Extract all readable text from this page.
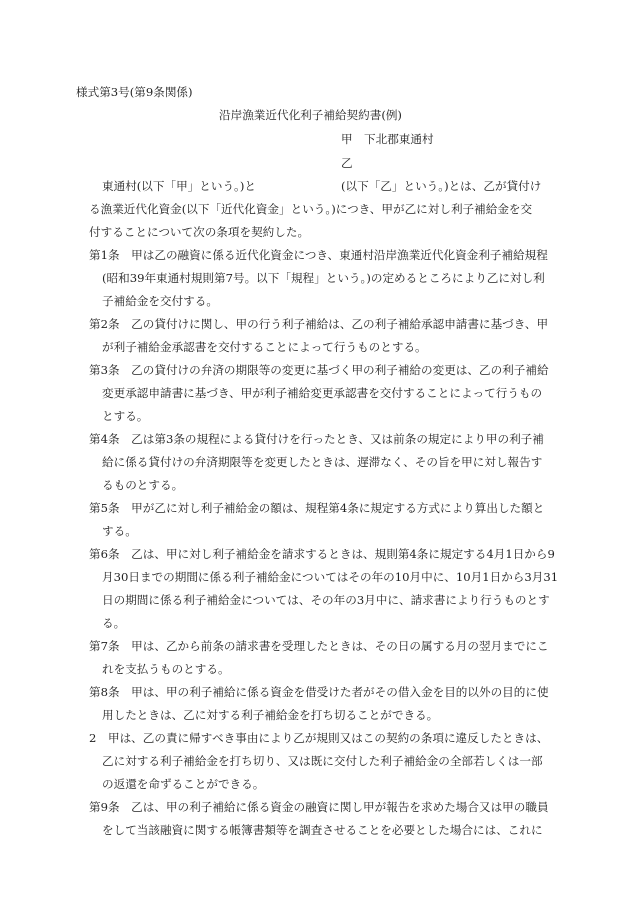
様式第3号(第9条関係)
沿岸漁業近代化利子補給契約書(例)
甲 下北郡東通村
乙
東通村(以下「甲」という。)と	(以下「乙」という。)とは、乙が貸付け
る漁業近代化資金(以下「近代化資金」という。)につき、甲が乙に対し利子補給金を交
付することについて次の条項を契約した。
第1条　甲は乙の融資に係る近代化資金につき、東通村沿岸漁業近代化資金利子補給規程
(昭和39年東通村規則第7号。以下「規程」という。)の定めるところにより乙に対し利
子補給金を交付する。
第2条　乙の貸付けに関し、甲の行う利子補給は、乙の利子補給承認申請書に基づき、甲
が利子補給金承認書を交付することによって行うものとする。
第3条　乙の貸付けの弁済の期限等の変更に基づく甲の利子補給の変更は、乙の利子補給
変更承認申請書に基づき、甲が利子補給変更承認書を交付することによって行うもの
とする。
第4条　乙は第3条の規程による貸付けを行ったとき、又は前条の規定により甲の利子補
給に係る貸付けの弁済期限等を変更したときは、遅滞なく、その旨を甲に対し報告す
るものとする。
第5条　甲が乙に対し利子補給金の額は、規程第4条に規定する方式により算出した額と
する。
第6条　乙は、甲に対し利子補給金を請求するときは、規則第4条に規定する4月1日から9
月30日までの期間に係る利子補給金についてはその年の10月中に、10月1日から3月31
日の期間に係る利子補給金については、その年の3月中に、請求書により行うものとす
る。
第7条　甲は、乙から前条の請求書を受理したときは、その日の属する月の翌月までにこ
れを支払うものとする。
第8条　甲は、甲の利子補給に係る資金を借受けた者がその借入金を目的以外の目的に使
用したときは、乙に対する利子補給金を打ち切ることができる。
2　甲は、乙の責に帰すべき事由により乙が規則又はこの契約の条項に違反したときは、
乙に対する利子補給金を打ち切り、又は既に交付した利子補給金の全部若しくは一部
の返還を命ずることができる。
第9条　乙は、甲の利子補給に係る資金の融資に関し甲が報告を求めた場合又は甲の職員
をして当該融資に関する帳簿書類等を調査させることを必要とした場合には、これに
